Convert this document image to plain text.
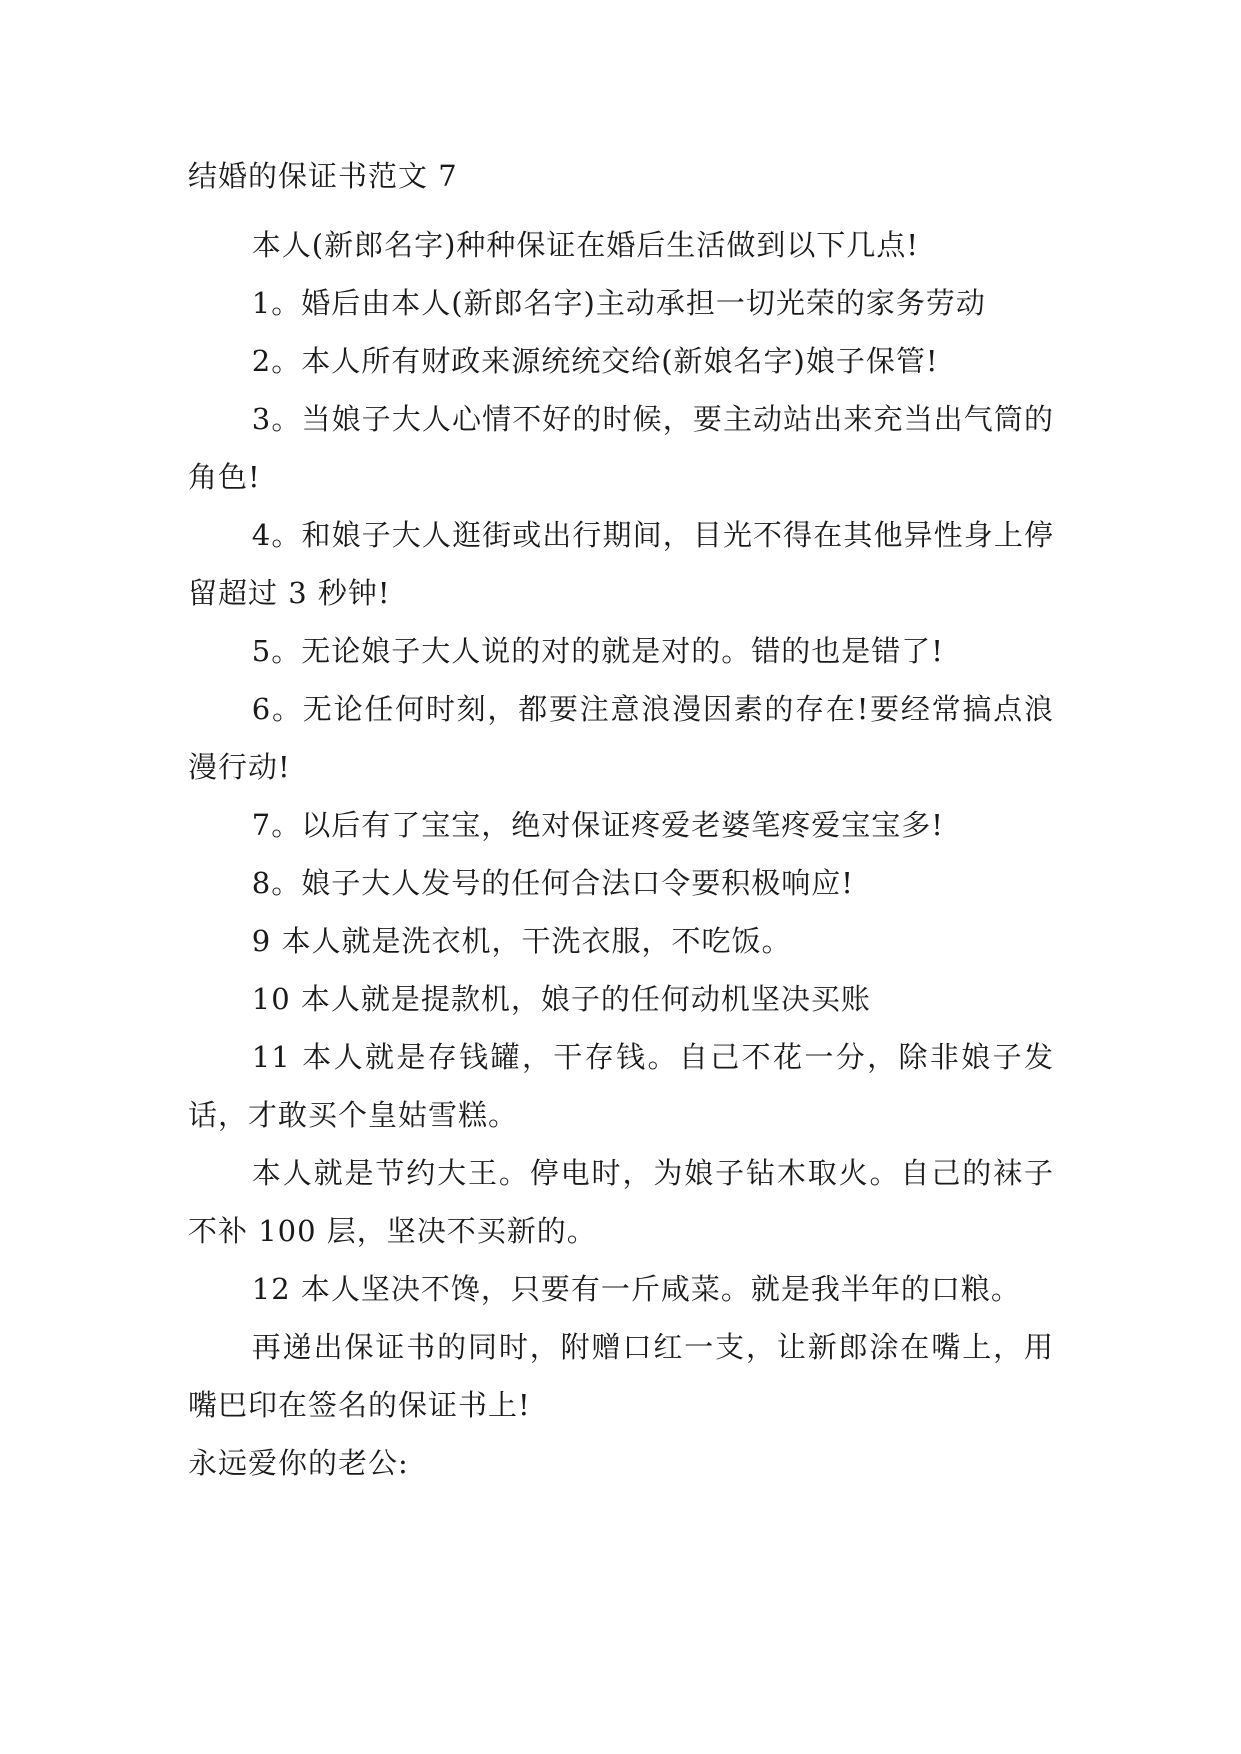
结婚的保证书范文 7

本人(新郎名字)种种保证在婚后生活做到以下几点!

1。婚后由本人(新郎名字)主动承担一切光荣的家务劳动

2。本人所有财政来源统统交给(新娘名字)娘子保管!

3。当娘子大人心情不好的时候，要主动站出来充当出气筒的角色!

4。和娘子大人逛街或出行期间，目光不得在其他异性身上停留超过 3 秒钟!

5。无论娘子大人说的对的就是对的。错的也是错了!

6。无论任何时刻，都要注意浪漫因素的存在!要经常搞点浪漫行动!

7。以后有了宝宝，绝对保证疼爱老婆笔疼爱宝宝多!

8。娘子大人发号的任何合法口令要积极响应!

9 本人就是洗衣机，干洗衣服，不吃饭。

10 本人就是提款机，娘子的任何动机坚决买账

11 本人就是存钱罐，干存钱。自己不花一分，除非娘子发话，才敢买个皇姑雪糕。

本人就是节约大王。停电时，为娘子钻木取火。自己的袜子不补 100 层，坚决不买新的。

12 本人坚决不馋，只要有一斤咸菜。就是我半年的口粮。

再递出保证书的同时，附赠口红一支，让新郎涂在嘴上，用嘴巴印在签名的保证书上!

永远爱你的老公:
